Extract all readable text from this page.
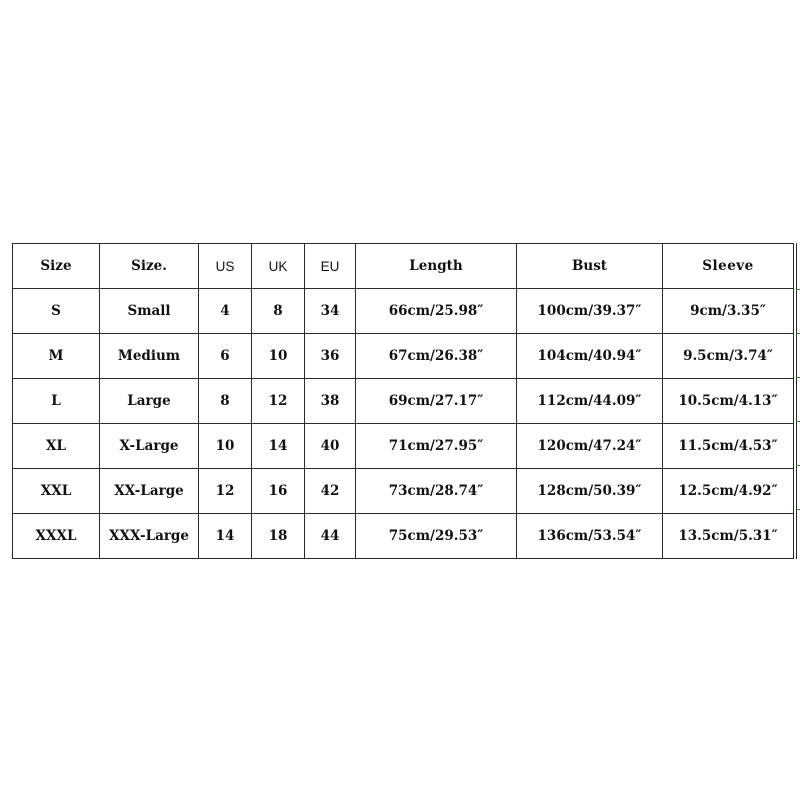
Size	Size.	US	UK	EU	Length	Bust	Sleeve
S	Small	4	8	34	66cm/25.98″	100cm/39.37″	9cm/3.35″
M	Medium	6	10	36	67cm/26.38″	104cm/40.94″	9.5cm/3.74″
L	Large	8	12	38	69cm/27.17″	112cm/44.09″	10.5cm/4.13″
XL	X-Large	10	14	40	71cm/27.95″	120cm/47.24″	11.5cm/4.53″
XXL	XX-Large	12	16	42	73cm/28.74″	128cm/50.39″	12.5cm/4.92″
XXXL	XXX-Large	14	18	44	75cm/29.53″	136cm/53.54″	13.5cm/5.31″
